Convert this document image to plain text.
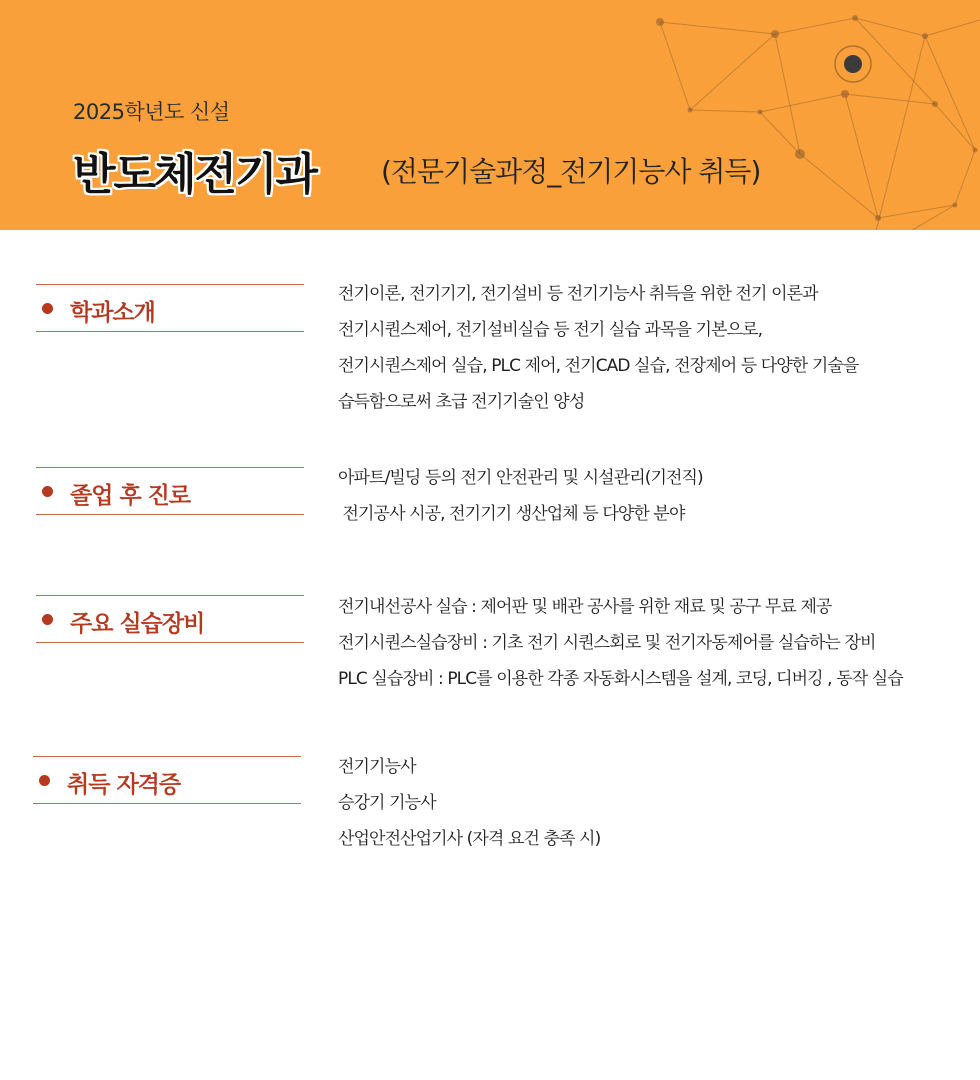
2025학년도 신설
반도체전기과 (전문기술과정_전기기능사 취득)
학과소개
전기이론, 전기기기, 전기설비 등 전기기능사 취득을 위한 전기 이론과
전기시퀀스제어, 전기설비실습 등 전기 실습 과목을 기본으로,
전기시퀀스제어 실습, PLC 제어, 전기CAD 실습, 전장제어 등 다양한 기술을
습득함으로써 초급 전기기술인 양성
졸업 후 진로
아파트/빌딩 등의 전기 안전관리 및 시설관리(기전직)
전기공사 시공, 전기기기 생산업체 등 다양한 분야
주요 실습장비
전기내선공사 실습 : 제어판 및 배관 공사를 위한 재료 및 공구 무료 제공
전기시퀀스실습장비 : 기초 전기 시퀀스회로 및 전기자동제어를 실습하는 장비
PLC 실습장비 : PLC를 이용한 각종 자동화시스템을 설계, 코딩, 디버깅 , 동작 실습
취득 자격증
전기기능사
승강기 기능사
산업안전산업기사 (자격 요건 충족 시)
